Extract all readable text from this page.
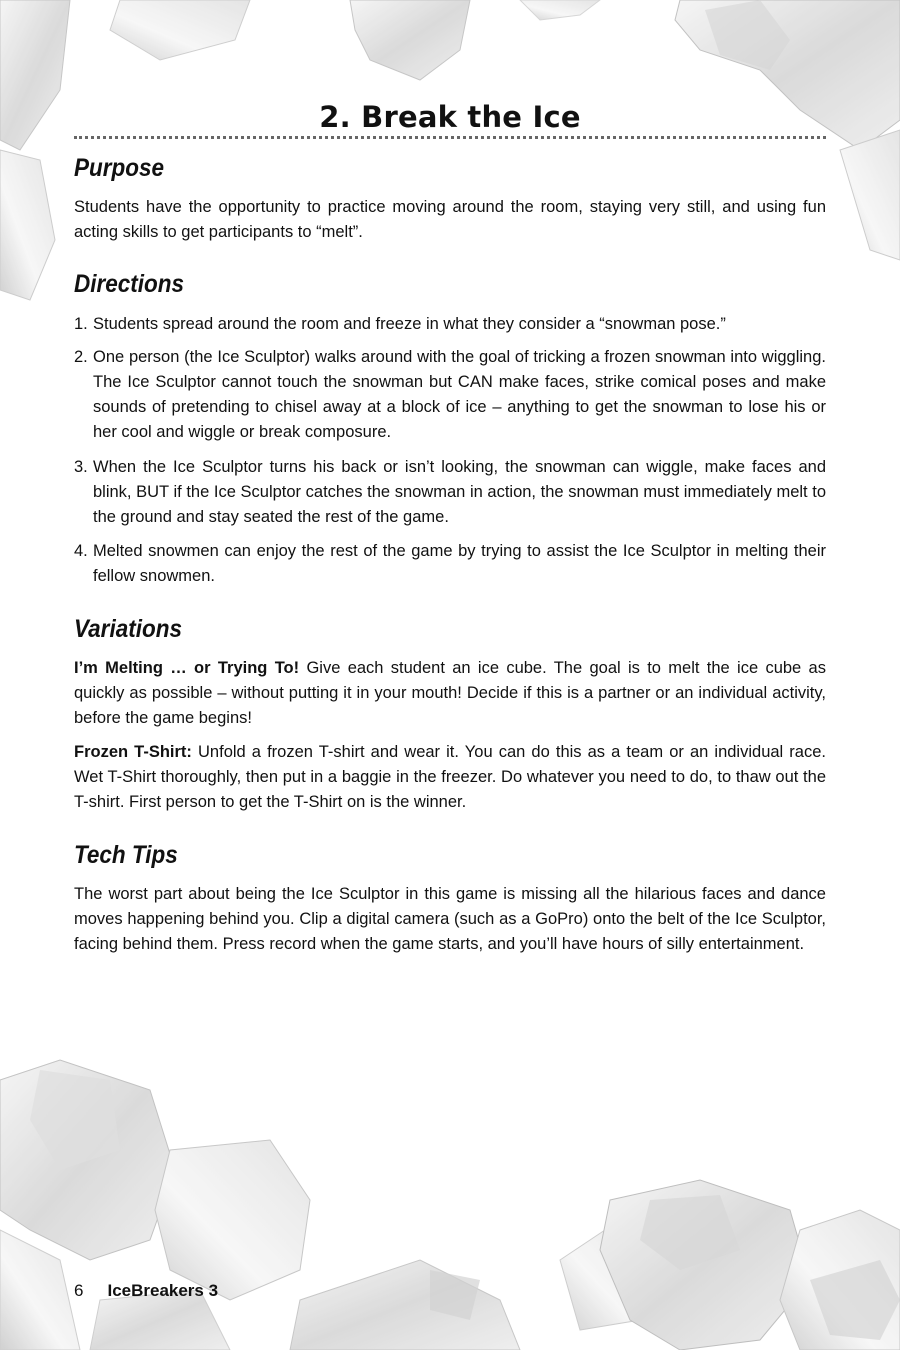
2. Break the Ice
Purpose

Students have the opportunity to practice moving around the room, staying very still, and using fun acting skills to get participants to “melt”.

Directions
1. Students spread around the room and freeze in what they consider a “snowman pose.”
2. One person (the Ice Sculptor) walks around with the goal of tricking a frozen snowman into wiggling. The Ice Sculptor cannot touch the snowman but CAN make faces, strike comical poses and make sounds of pretending to chisel away at a block of ice – anything to get the snowman to lose his or her cool and wiggle or break composure.
3. When the Ice Sculptor turns his back or isn’t looking, the snowman can wiggle, make faces and blink, BUT if the Ice Sculptor catches the snowman in action, the snowman must immediately melt to the ground and stay seated the rest of the game.
4. Melted snowmen can enjoy the rest of the game by trying to assist the Ice Sculptor in melting their fellow snowmen.
Variations

I’m Melting … or Trying To! Give each student an ice cube. The goal is to melt the ice cube as quickly as possible – without putting it in your mouth! Decide if this is a partner or an individual activity, before the game begins!

Frozen T-Shirt: Unfold a frozen T-shirt and wear it. You can do this as a team or an individual race. Wet T-Shirt thoroughly, then put in a baggie in the freezer. Do whatever you need to do, to thaw out the T-shirt. First person to get the T-Shirt on is the winner.

Tech Tips

The worst part about being the Ice Sculptor in this game is missing all the hilarious faces and dance moves happening behind you. Clip a digital camera (such as a GoPro) onto the belt of the Ice Sculptor, facing behind them. Press record when the game starts, and you’ll have hours of silly entertainment.

6 IceBreakers 3
